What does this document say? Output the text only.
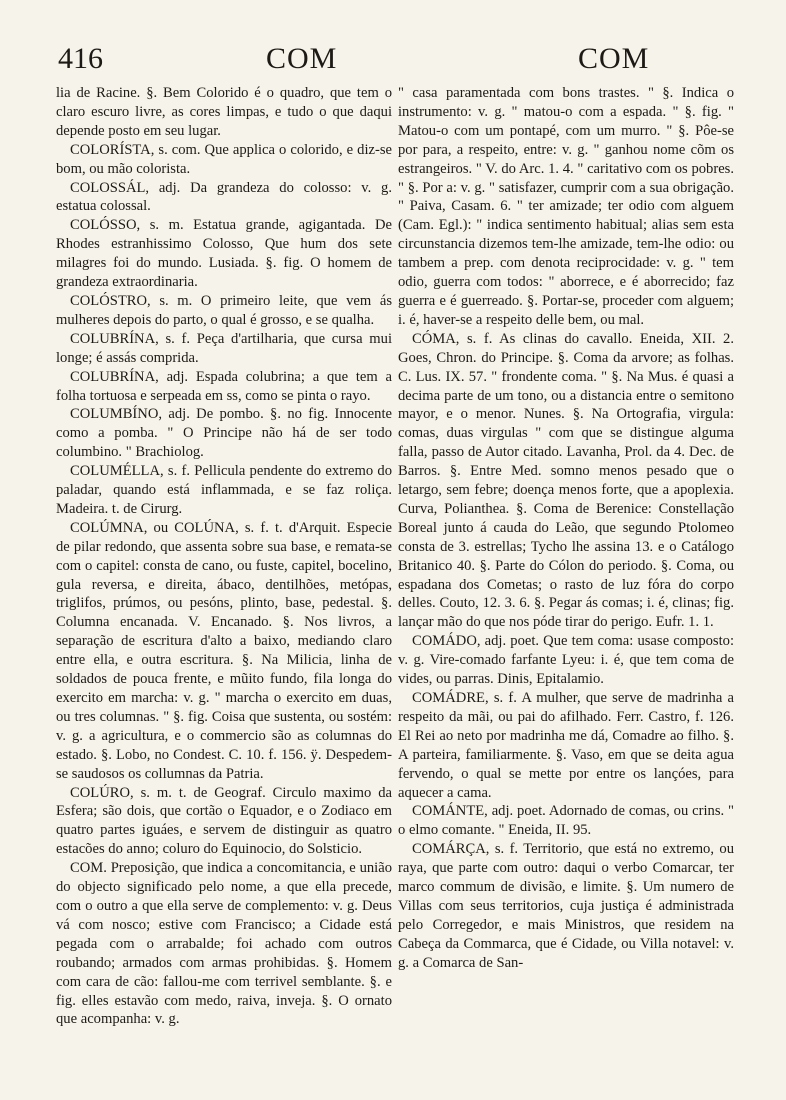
416	COM	COM

lia de Racine. §. Bem Colorido é o quadro, que tem o claro escuro livre, as cores limpas, e tudo o que daqui depende posto em seu lugar.

COLORÍSTA, s. com. Que applica o colorido, e diz-se bom, ou mão colorista.

COLOSSÁL, adj. Da grandeza do colosso: v. g. estatua colossal.

COLÓSSO, s. m. Estatua grande, agigantada. De Rhodes estranhissimo Colosso, Que hum dos sete milagres foi do mundo. Lusiada. §. fig. O homem de grandeza extraordinaria.

COLÓSTRO, s. m. O primeiro leite, que vem ás mulheres depois do parto, o qual é grosso, e se qualha.

COLUBRÍNA, s. f. Peça d'artilharia, que cursa mui longe; é assás comprida.

COLUBRÍNA, adj. Espada colubrina; a que tem a folha tortuosa e serpeada em ss, como se pinta o rayo.

COLUMBÍNO, adj. De pombo. §. no fig. Innocente como a pomba. " O Principe não há de ser todo columbino. " Brachiolog.

COLUMÉLLA, s. f. Pellicula pendente do extremo do paladar, quando está inflammada, e se faz roliça. Madeira. t. de Cirurg.

COLÚMNA, ou COLÚNA, s. f. t. d'Arquit. Especie de pilar redondo, que assenta sobre sua base, e remata-se com o capitel: consta de cano, ou fuste, capitel, bocelino, gula reversa, e direita, ábaco, dentilhões, metópas, triglifos, prúmos, ou pesóns, plinto, base, pedestal. §. Columna encanada. V. Encanado. §. Nos livros, a separação de escritura d'alto a baixo, mediando claro entre ella, e outra escritura. §. Na Milicia, linha de soldados de pouca frente, e mũito fundo, fila longa do exercito em marcha: v. g. " marcha o exercito em duas, ou tres columnas. " §. fig. Coisa que sustenta, ou sostém: v. g. a agricultura, e o commercio são as columnas do estado. §. Lobo, no Condest. C. 10. f. 156. ÿ. Despedem-se saudosos os collumnas da Patria.

COLÚRO, s. m. t. de Geograf. Circulo maximo da Esfera; são dois, que cortão o Equador, e o Zodiaco em quatro partes iguáes, e servem de distinguir as quatro estacões do anno; coluro do Equinocio, do Solsticio.

COM. Preposição, que indica a concomitancia, e união do objecto significado pelo nome, a que ella precede, com o outro a que ella serve de complemento: v. g. Deus vá com nosco; estive com Francisco; a Cidade está pegada com o arrabalde; foi achado com outros roubando; armados com armas prohibidas. §. Homem com cara de cão: fallou-me com terrivel semblante. §. e fig. elles estavão com medo, raiva, inveja. §. O ornato que acompanha: v. g.

" casa paramentada com bons trastes. " §. Indica o instrumento: v. g. " matou-o com a espada. " §. fig. " Matou-o com um pontapé, com um murro. " §. Pôe-se por para, a respeito, entre: v. g. " ganhou nome cõm os estrangeiros. " V. do Arc. 1. 4. " caritativo com os pobres. " §. Por a: v. g. " satisfazer, cumprir com a sua obrigação. " Paiva, Casam. 6. " ter amizade; ter odio com alguem (Cam. Egl.): " indica sentimento habitual; alias sem esta circunstancia dizemos tem-lhe amizade, tem-lhe odio: ou tambem a prep. com denota reciprocidade: v. g. " tem odio, guerra com todos: " aborrece, e é aborrecido; faz guerra e é guerreado. §. Portar-se, proceder com alguem; i. é, haver-se a respeito delle bem, ou mal.

CÓMA, s. f. As clinas do cavallo. Eneida, XII. 2. Goes, Chron. do Principe. §. Coma da arvore; as folhas. C. Lus. IX. 57. " frondente coma. " §. Na Mus. é quasi a decima parte de um tono, ou a distancia entre o semitono mayor, e o menor. Nunes. §. Na Ortografia, virgula: comas, duas virgulas " com que se distingue alguma falla, passo de Autor citado. Lavanha, Prol. da 4. Dec. de Barros. §. Entre Med. somno menos pesado que o letargo, sem febre; doença menos forte, que a apoplexia. Curva, Polianthea. §. Coma de Berenice: Constellação Boreal junto á cauda do Leão, que segundo Ptolomeo consta de 3. estrellas; Tycho lhe assina 13. e o Catálogo Britanico 40. §. Parte do Cólon do periodo. §. Coma, ou espadana dos Cometas; o rasto de luz fóra do corpo delles. Couto, 12. 3. 6. §. Pegar ás comas; i. é, clinas; fig. lançar mão do que nos póde tirar do perigo. Eufr. 1. 1.

COMÁDO, adj. poet. Que tem coma: usase composto: v. g. Vire-comado farfante Lyeu: i. é, que tem coma de vides, ou parras. Dinis, Epitalamio.

COMÁDRE, s. f. A mulher, que serve de madrinha a respeito da mãi, ou pai do afilhado. Ferr. Castro, f. 126. El Rei ao neto por madrinha me dá, Comadre ao filho. §. A parteira, familiarmente. §. Vaso, em que se deita agua fervendo, o qual se mette por entre os lançóes, para aquecer a cama.

COMÁNTE, adj. poet. Adornado de comas, ou crins. " o elmo comante. " Eneida, II. 95.

COMÁRÇA, s. f. Territorio, que está no extremo, ou raya, que parte com outro: daqui o verbo Comarcar, ter marco commum de divisão, e limite. §. Um numero de Villas com seus territorios, cuja justiça é administrada pelo Corregedor, e mais Ministros, que residem na Cabeça da Commarca, que é Cidade, ou Villa notavel: v. g. a Comarca de San-
